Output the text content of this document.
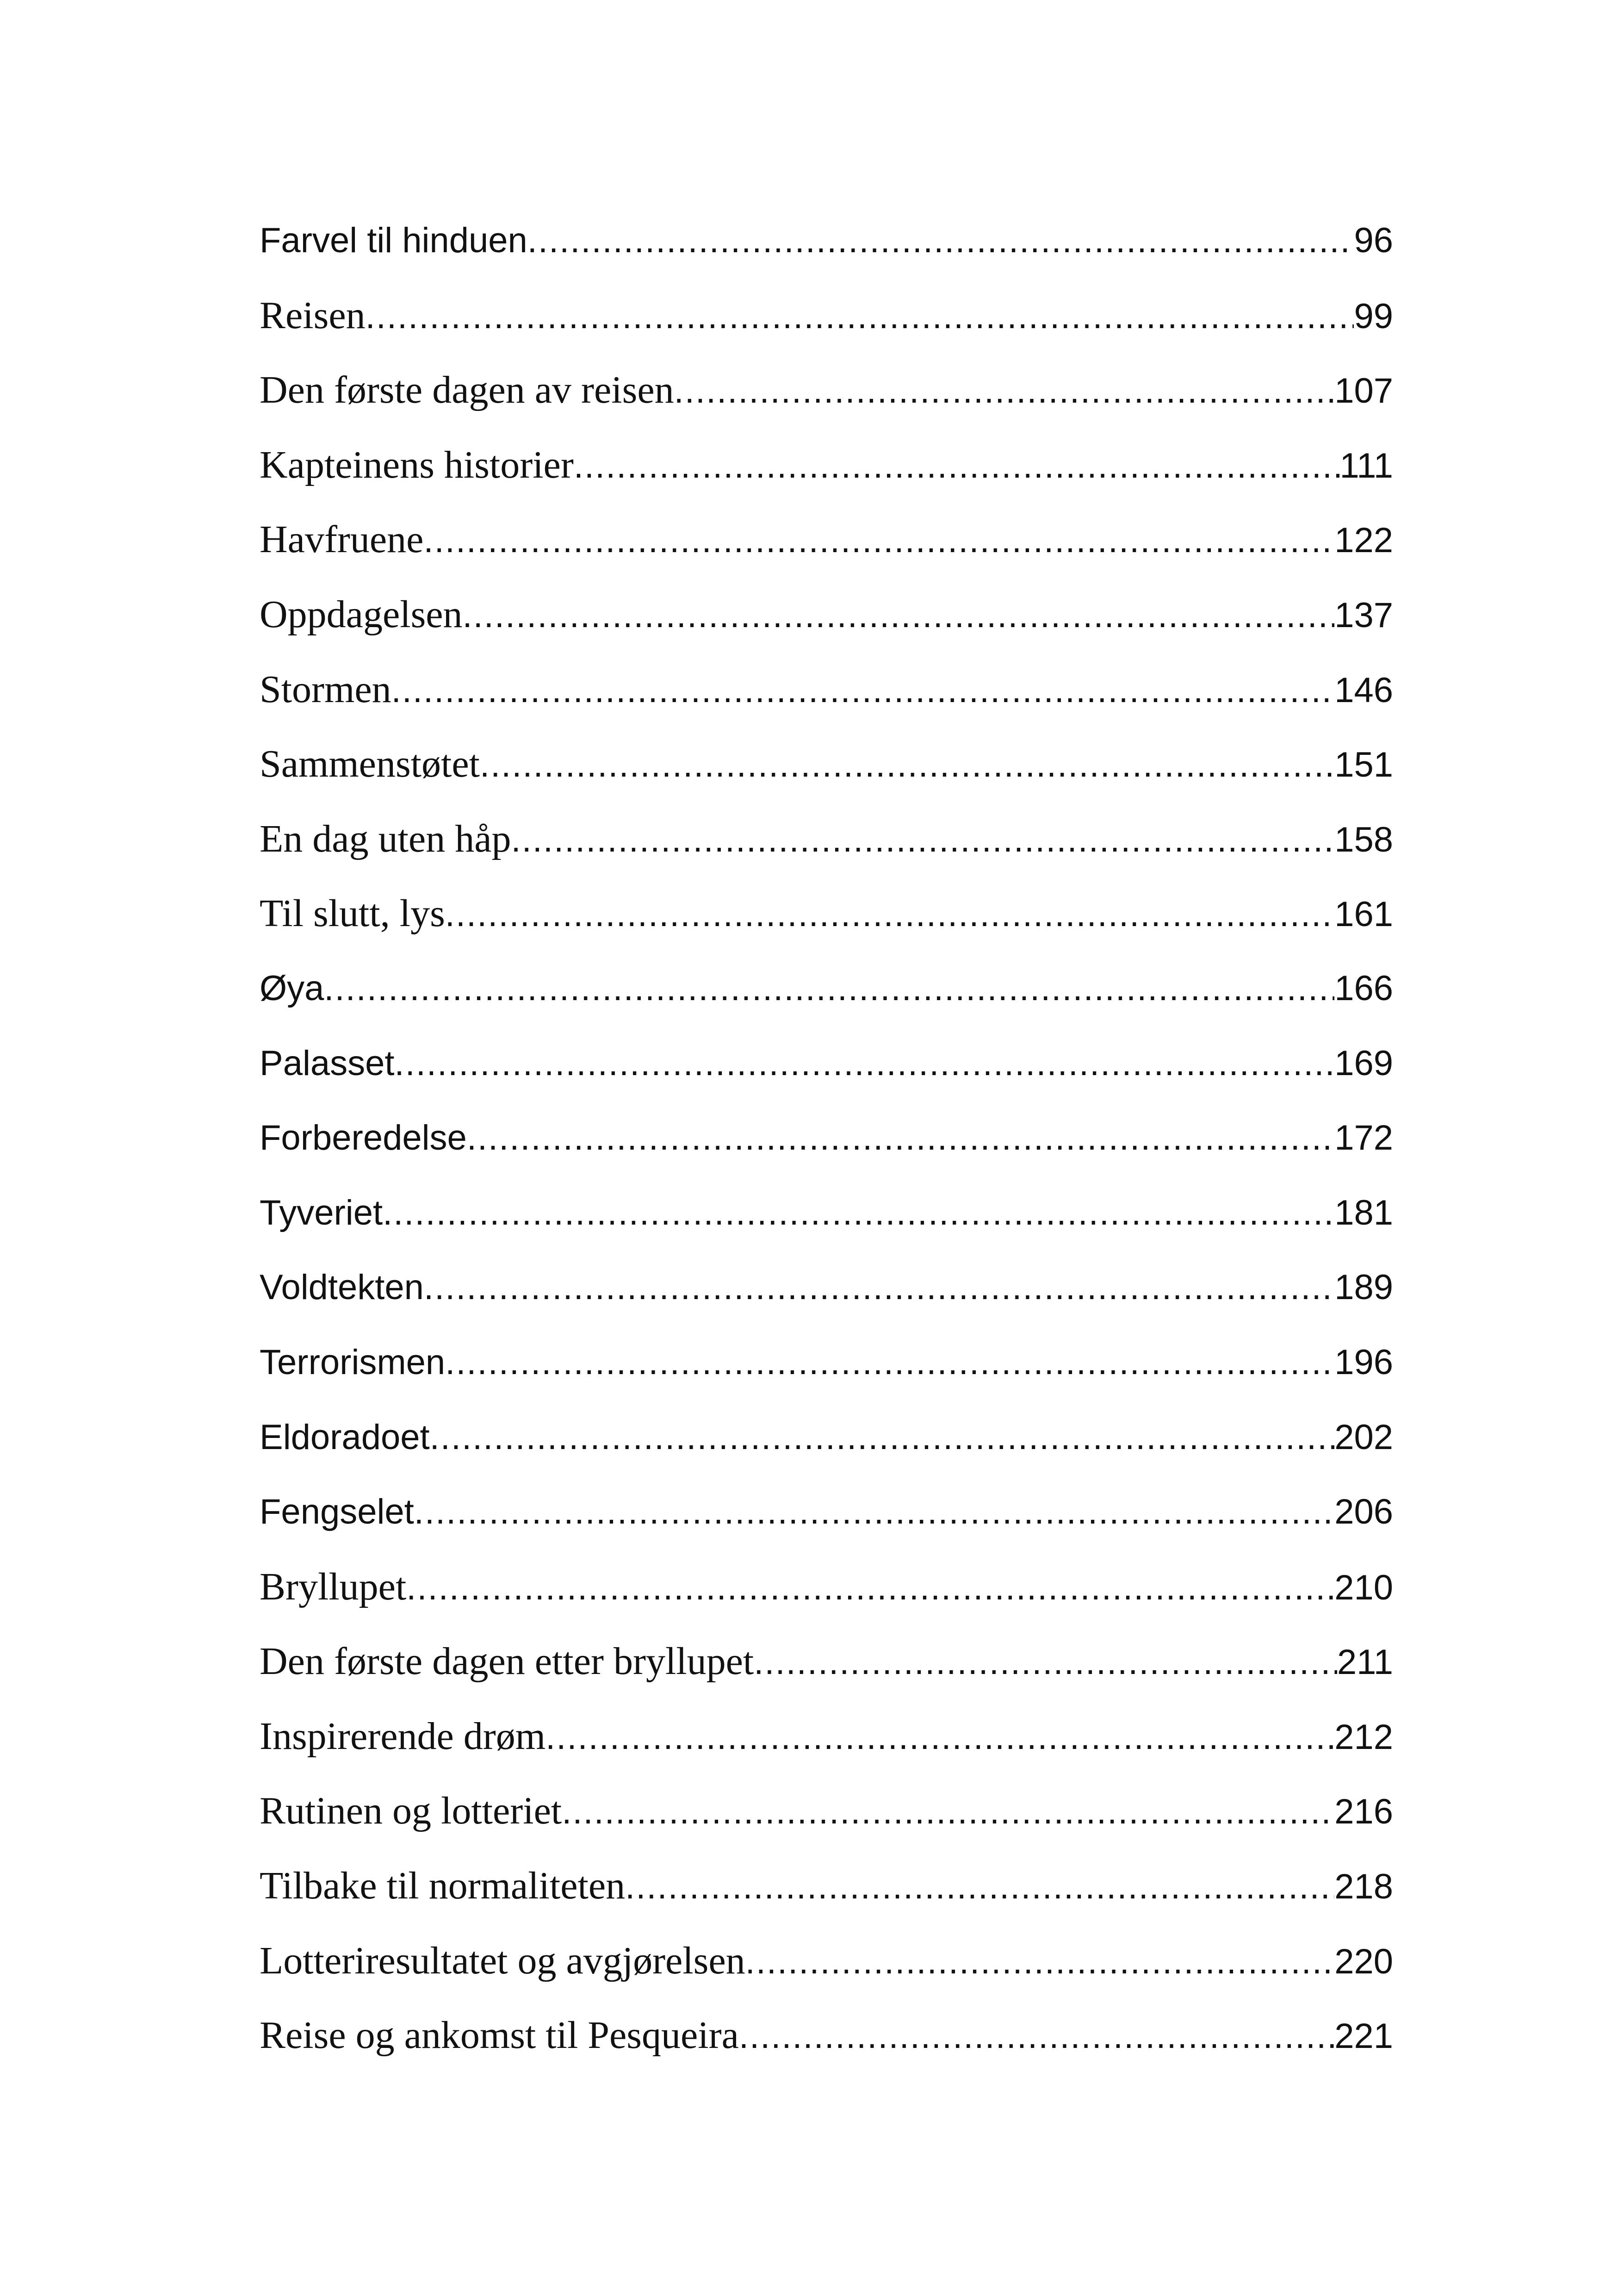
Farvel til hinduen .....	96
Reisen .....	99
Den første dagen av reisen .....	107
Kapteinens historier .....	111
Havfruene .....	122
Oppdagelsen .....	137
Stormen .....	146
Sammenstøtet .....	151
En dag uten håp .....	158
Til slutt, lys .....	161
Øya .....	166
Palasset .....	169
Forberedelse .....	172
Tyveriet .....	181
Voldtekten .....	189
Terrorismen .....	196
Eldoradoet .....	202
Fengselet .....	206
Bryllupet .....	210
Den første dagen etter bryllupet .....	211
Inspirerende drøm .....	212
Rutinen og lotteriet .....	216
Tilbake til normaliteten .....	218
Lotteriresultatet og avgjørelsen .....	220
Reise og ankomst til Pesqueira .....	221
